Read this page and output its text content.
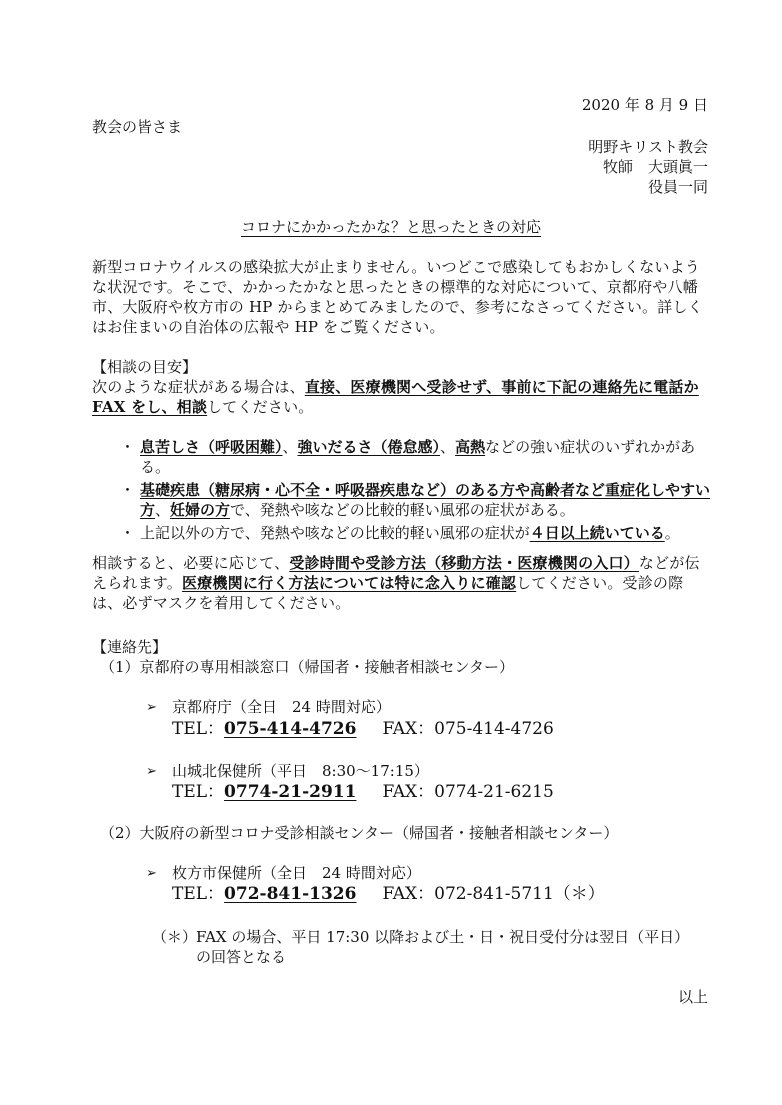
2020 年 8 月 9 日
教会の皆さま
明野キリスト教会
牧師　大頭眞一
役員一同
コロナにかかったかな？と思ったときの対応
新型コロナウイルスの感染拡大が止まりません。いつどこで感染してもおかしくないような状況です。そこで、かかったかなと思ったときの標準的な対応について、京都府や八幡市、大阪府や枚方市の HP からまとめてみましたので、参考になさってください。詳しくはお住まいの自治体の広報や HP をご覧ください。
【相談の目安】
次のような症状がある場合は、直接、医療機関へ受診せず、事前に下記の連絡先に電話か FAX をし、相談してください。
・ 息苦しさ（呼吸困難）、強いだるさ（倦怠感）、高熱などの強い症状のいずれかがある。
・ 基礎疾患（糖尿病・心不全・呼吸器疾患など）のある方や高齢者など重症化しやすい方、妊婦の方で、発熱や咳などの比較的軽い風邪の症状がある。
・ 上記以外の方で、発熱や咳などの比較的軽い風邪の症状が４日以上続いている。
相談すると、必要に応じて、受診時間や受診方法（移動方法・医療機関の入口）などが伝えられます。医療機関に行く方法については特に念入りに確認してください。受診の際は、必ずマスクを着用してください。
【連絡先】
（1）京都府の専用相談窓口（帰国者・接触者相談センター）
➢ 京都府庁（全日　24 時間対応）
TEL：075-414-4726 FAX：075-414-4726
➢ 山城北保健所（平日　8:30～17:15）
TEL：0774-21-2911 FAX：0774-21-6215
（2）大阪府の新型コロナ受診相談センター（帰国者・接触者相談センター）
➢ 枚方市保健所（全日　24 時間対応）
TEL：072-841-1326 FAX：072-841-5711（＊）
（＊）
FAX の場合、平日 17:30 以降および土・日・祝日受付分は翌日（平日）
の回答となる
以上
